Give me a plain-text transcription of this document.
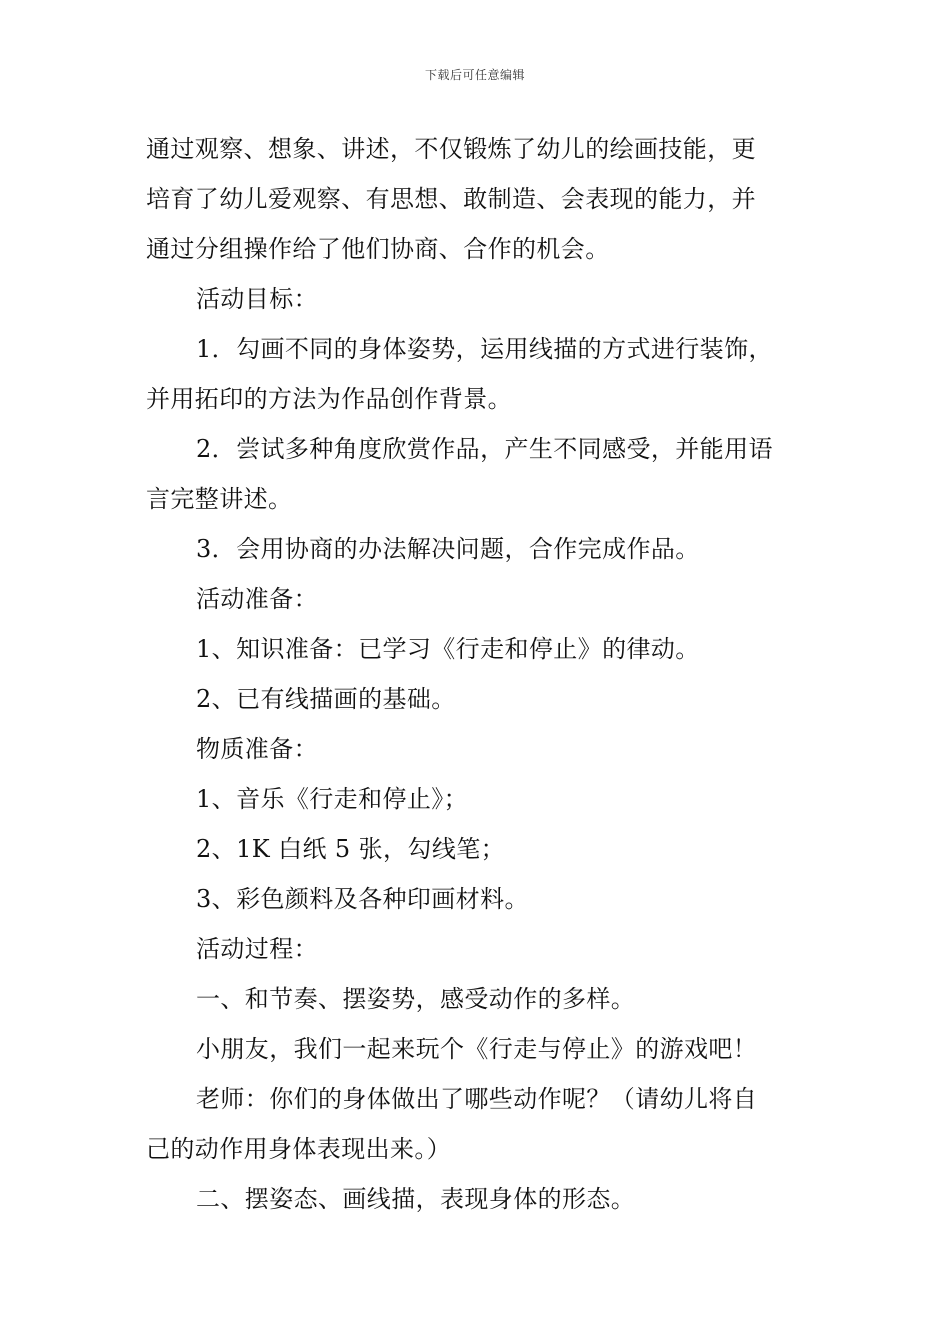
下载后可任意编辑

通过观察、想象、讲述，不仅锻炼了幼儿的绘画技能，更

培育了幼儿爱观察、有思想、敢制造、会表现的能力，并

通过分组操作给了他们协商、合作的机会。

活动目标：

1．勾画不同的身体姿势，运用线描的方式进行装饰，

并用拓印的方法为作品创作背景。

2．尝试多种角度欣赏作品，产生不同感受，并能用语

言完整讲述。

3．会用协商的办法解决问题，合作完成作品。

活动准备：

1、知识准备：已学习《行走和停止》的律动。

2、已有线描画的基础。

物质准备：

1、音乐《行走和停止》；

2、1K 白纸 5 张，勾线笔；

3、彩色颜料及各种印画材料。

活动过程：

一、和节奏、摆姿势，感受动作的多样。

小朋友，我们一起来玩个《行走与停止》的游戏吧！

老师：你们的身体做出了哪些动作呢？（请幼儿将自

己的动作用身体表现出来。）

二、摆姿态、画线描，表现身体的形态。
